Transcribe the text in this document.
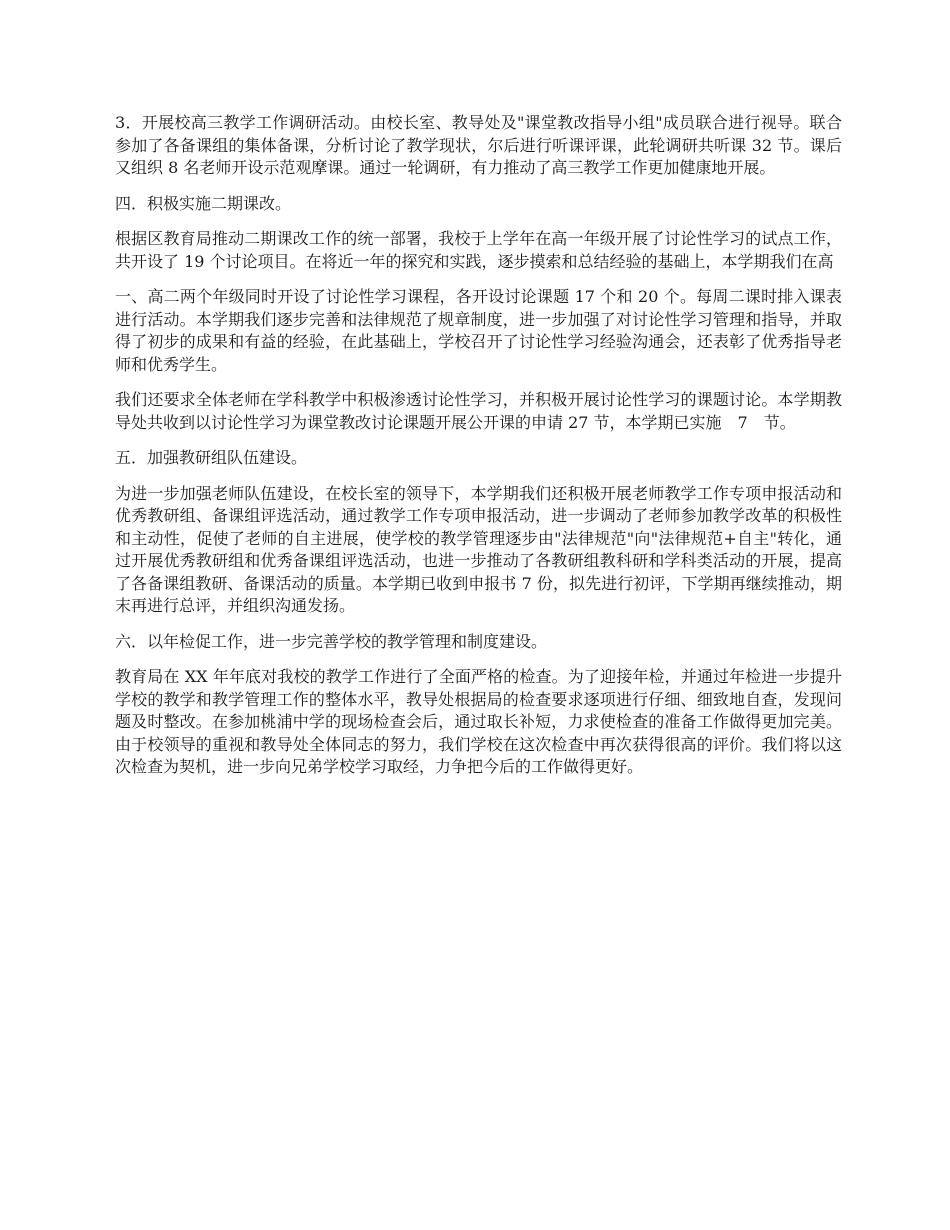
3．开展校高三教学工作调研活动。由校长室、教导处及"课堂教改指导小组"成员联合进行视导。联合参加了各备课组的集体备课，分析讨论了教学现状，尔后进行听课评课，此轮调研共听课 32 节。课后又组织 8 名老师开设示范观摩课。通过一轮调研，有力推动了高三教学工作更加健康地开展。

四．积极实施二期课改。

根据区教育局推动二期课改工作的统一部署，我校于上学年在高一年级开展了讨论性学习的试点工作，共开设了 19 个讨论项目。在将近一年的探究和实践，逐步摸索和总结经验的基础上，本学期我们在高

一、高二两个年级同时开设了讨论性学习课程，各开设讨论课题 17 个和 20 个。每周二课时排入课表进行活动。本学期我们逐步完善和法律规范了规章制度，进一步加强了对讨论性学习管理和指导，并取得了初步的成果和有益的经验，在此基础上，学校召开了讨论性学习经验沟通会，还表彰了优秀指导老师和优秀学生。

我们还要求全体老师在学科教学中积极渗透讨论性学习，并积极开展讨论性学习的课题讨论。本学期教导处共收到以讨论性学习为课堂教改讨论课题开展公开课的申请 27 节，本学期已实施　7　节。

五．加强教研组队伍建设。

为进一步加强老师队伍建设，在校长室的领导下，本学期我们还积极开展老师教学工作专项申报活动和优秀教研组、备课组评选活动，通过教学工作专项申报活动，进一步调动了老师参加教学改革的积极性和主动性，促使了老师的自主进展，使学校的教学管理逐步由"法律规范"向"法律规范+自主"转化，通过开展优秀教研组和优秀备课组评选活动，也进一步推动了各教研组教科研和学科类活动的开展，提高了各备课组教研、备课活动的质量。本学期已收到申报书 7 份，拟先进行初评，下学期再继续推动，期末再进行总评，并组织沟通发扬。

六．以年检促工作，进一步完善学校的教学管理和制度建设。

教育局在 XX 年年底对我校的教学工作进行了全面严格的检查。为了迎接年检，并通过年检进一步提升学校的教学和教学管理工作的整体水平，教导处根据局的检查要求逐项进行仔细、细致地自查，发现问题及时整改。在参加桃浦中学的现场检查会后，通过取长补短，力求使检查的准备工作做得更加完美。由于校领导的重视和教导处全体同志的努力，我们学校在这次检查中再次获得很高的评价。我们将以这次检查为契机，进一步向兄弟学校学习取经，力争把今后的工作做得更好。
